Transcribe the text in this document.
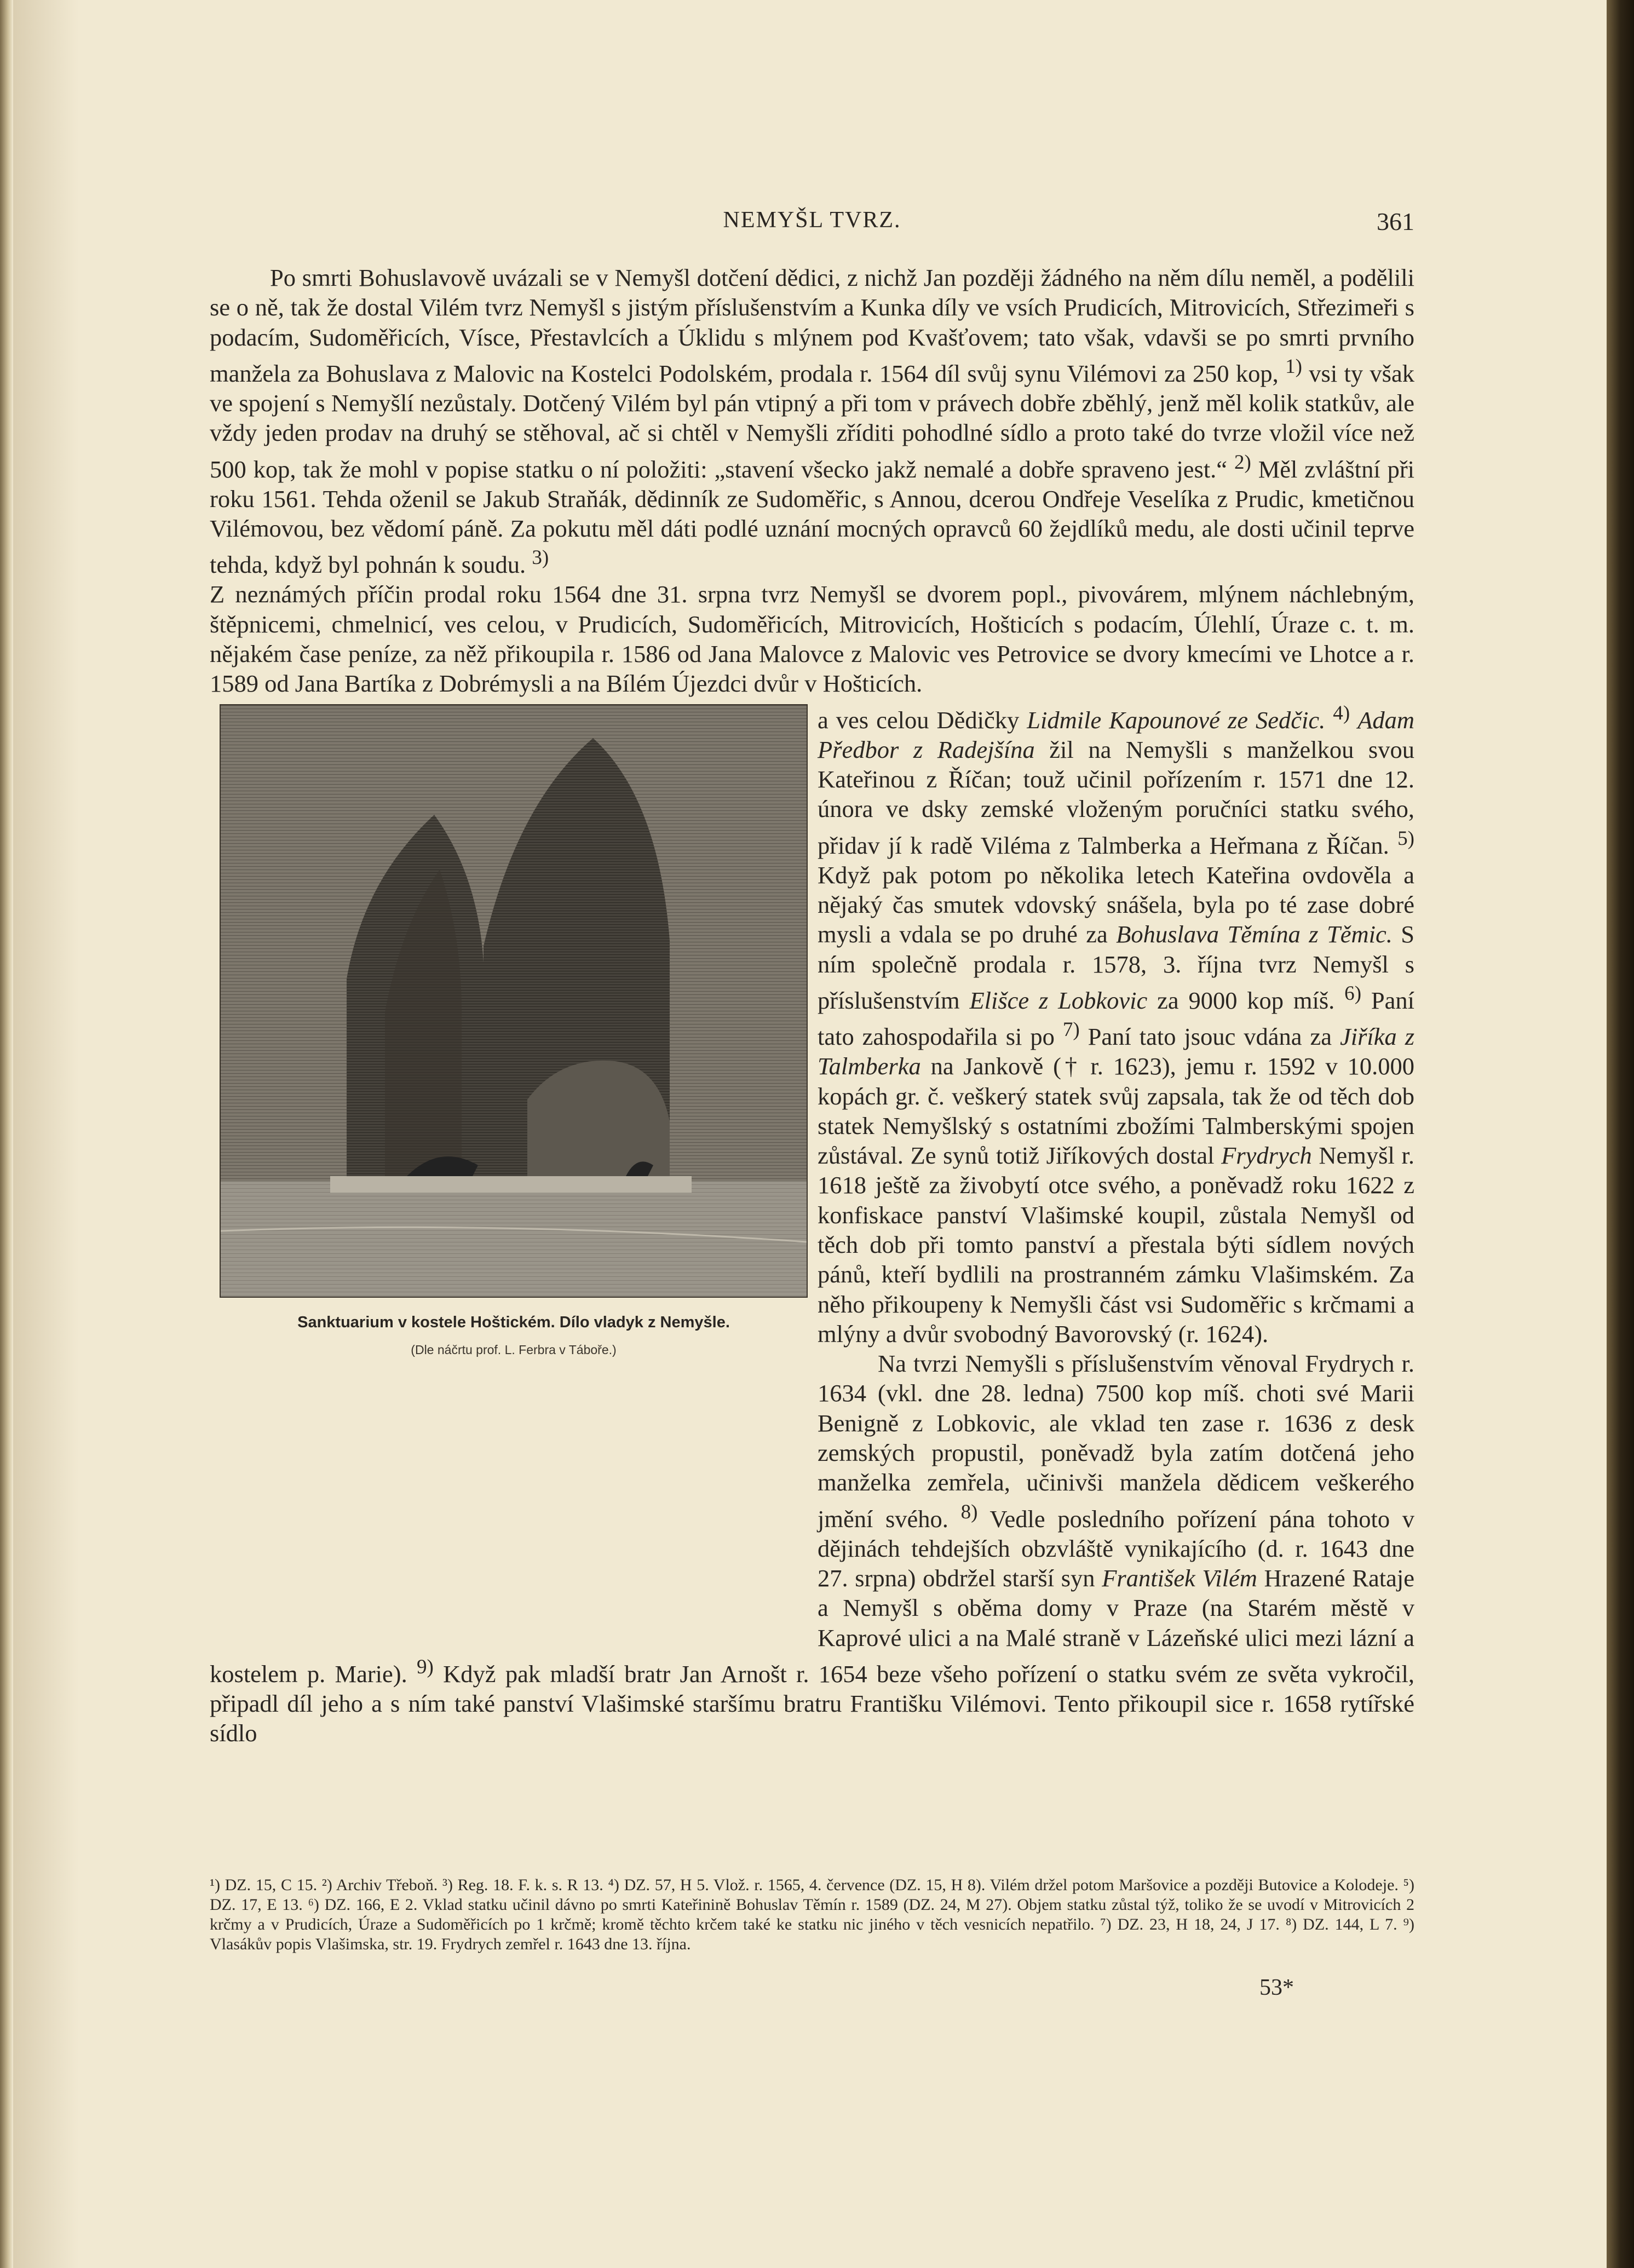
NEMYŠL TVRZ.	361

Po smrti Bohuslavově uvázali se v Nemyšl dotčení dědici, z nichž Jan později žádného na něm dílu neměl, a podělili se o ně, tak že dostal Vilém tvrz Nemyšl s jistým příslušenstvím a Kunka díly ve vsích Prudicích, Mitrovicích, Střezimeři s podacím, Sudoměřicích, Vísce, Přestavlcích a Úklidu s mlýnem pod Kvašťovem; tato však, vdavši se po smrti prvního manžela za Bohuslava z Malovic na Kostelci Podolském, prodala r. 1564 díl svůj synu Vilémovi za 250 kop, $^{1)}$ vsi ty však ve spojení s Nemyšlí nezůstaly. Dotčený Vilém byl pán vtipný a při tom v právech dobře zběhlý, jenž měl kolik statkův, ale vždy jeden prodav na druhý se stěhoval, ač si chtěl v Nemyšli zříditi pohodlné sídlo a proto také do tvrze vložil více než 500 kop, tak že mohl v popise statku o ní položiti: „stavení všecko jakž nemalé a dobře spraveno jest.“ $^{2)}$ Měl zvláštní při roku 1561. Tehda oženil se Jakub Straňák, dědinník ze Sudoměřic, s Annou, dcerou Ondřeje Veselíka z Prudic, kmetičnou Vilémovou, bez vědomí páně. Za pokutu měl dáti podlé uznání mocných opravců 60 žejdlíků medu, ale dosti učinil teprve tehda, když byl pohnán k soudu. $^{3)}$

Z neznámých příčin prodal roku 1564 dne 31. srpna tvrz Nemyšl se dvorem popl., pivovárem, mlýnem náchlebným, štěpnicemi, chmelnicí, ves celou, v Prudicích, Sudoměřicích, Mitrovicích, Hošticích s podacím, Úlehlí, Úraze c. t. m. nějakém čase peníze, za něž přikoupila r. 1586 od Jana Malovce z Malovic ves Petrovice se dvory kmecími ve Lhotce a r. 1589 od Jana Bartíka z Dobrémysli a na Bílém Újezdci dvůr v Hošticích.

Sanktuarium v kostele Hoštickém. Dílo vladyk z Nemyšle.
(Dle náčrtu prof. L. Ferbra v Táboře.)

a ves celou Dědičky Lidmile Kapounové ze Sedčic. $^{4)}$ Adam Předbor z Radejšína žil na Nemyšli s manželkou svou Kateřinou z Říčan; touž učinil pořízením r. 1571 dne 12. února ve dsky zemské vloženým poručníci statku svého, přidav jí k radě Viléma z Talmberka a Heřmana z Říčan. $^{5)}$ Když pak potom po několika letech Kateřina ovdověla a nějaký čas smutek vdovský snášela, byla po té zase dobré mysli a vdala se po druhé za Bohuslava Těmína z Těmic. S ním společně prodala r. 1578, 3. října tvrz Nemyšl s příslušenstvím Elišce z Lobkovic za 9000 kop míš. $^{6)}$ Paní tato zahospodařila si po $^{7)}$ Paní tato jsouc vdána za Jiříka z Talmberka na Jankově († r. 1623), jemu r. 1592 v 10.000 kopách gr. č. veškerý statek svůj zapsala, tak že od těch dob statek Nemyšlský s ostatními zbožími Talmberskými spojen zůstával. Ze synů totiž Jiříkových dostal Frydrych Nemyšl r. 1618 ještě za živobytí otce svého, a poněvadž roku 1622 z konfiskace panství Vlašimské koupil, zůstala Nemyšl od těch dob při tomto panství a přestala býti sídlem nových pánů, kteří bydlili na prostranném zámku Vlašimském. Za něho přikoupeny k Nemyšli část vsi Sudoměřic s krčmami a mlýny a dvůr svobodný Bavorovský (r. 1624).

Na tvrzi Nemyšli s příslušenstvím věnoval Frydrych r. 1634 (vkl. dne 28. ledna) 7500 kop míš. choti své Marii Benigně z Lobkovic, ale vklad ten zase r. 1636 z desk zemských propustil, poněvadž byla zatím dotčená jeho manželka zemřela, učinivši manžela dědicem veškerého jmění svého. $^{8)}$ Vedle posledního pořízení pána tohoto v dějinách tehdejších obzvláště vynikajícího (d. r. 1643 dne 27. srpna) obdržel starší syn František Vilém Hrazené Rataje a Nemyšl s oběma domy v Praze (na Starém městě v Kaprové ulici a na Malé straně v Lázeňské ulici mezi lázní a kostelem p. Marie). $^{9)}$ Když pak mladší bratr Jan Arnošt r. 1654 beze všeho pořízení o statku svém ze světa vykročil, připadl díl jeho a s ním také panství Vlašimské staršímu bratru Františku Vilémovi. Tento přikoupil sice r. 1658 rytířské sídlo

¹) DZ. 15, C 15. ²) Archiv Třeboň. ³) Reg. 18. F. k. s. R 13. ⁴) DZ. 57, H 5. Vlož. r. 1565, 4. července (DZ. 15, H 8). Vilém držel potom Maršovice a později Butovice a Kolodeje. ⁵) DZ. 17, E 13. ⁶) DZ. 166, E 2. Vklad statku učinil dávno po smrti Kateřinině Bohuslav Těmín r. 1589 (DZ. 24, M 27). Objem statku zůstal týž, toliko že se uvodí v Mitrovicích 2 krčmy a v Prudicích, Úraze a Sudoměřicích po 1 krčmě; kromě těchto krčem také ke statku nic jiného v těch vesnicích nepatřilo. ⁷) DZ. 23, H 18, 24, J 17. ⁸) DZ. 144, L 7. ⁹) Vlasákův popis Vlašimska, str. 19. Frydrych zemřel r. 1643 dne 13. října.
53*
